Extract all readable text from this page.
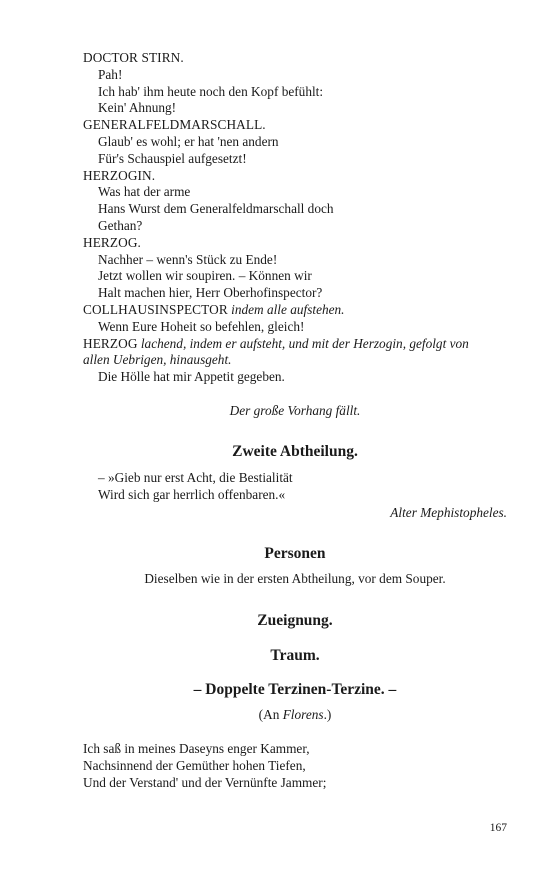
DOCTOR STIRN.
Pah!
Ich hab' ihm heute noch den Kopf befühlt:
Kein' Ahnung!
GENERALFELDMARSCHALL.
Glaub' es wohl; er hat 'nen andern
Für's Schauspiel aufgesetzt!
HERZOGIN.
Was hat der arme
Hans Wurst dem Generalfeldmarschall doch
Gethan?
HERZOG.
Nachher – wenn's Stück zu Ende!
Jetzt wollen wir soupiren. – Können wir
Halt machen hier, Herr Oberhofinspector?
COLLHAUSINSPECTOR indem alle aufstehen.
Wenn Eure Hoheit so befehlen, gleich!
HERZOG lachend, indem er aufsteht, und mit der Herzogin, gefolgt von
allen Uebrigen, hinausgeht.
Die Hölle hat mir Appetit gegeben.
Der große Vorhang fällt.
Zweite Abtheilung.
– »Gieb nur erst Acht, die Bestialität
Wird sich gar herrlich offenbaren.«
Alter Mephistopheles.
Personen
Dieselben wie in der ersten Abtheilung, vor dem Souper.
Zueignung.
Traum.
– Doppelte Terzinen-Terzine. –
(An Florens.)
Ich saß in meines Daseyns enger Kammer,
Nachsinnend der Gemüther hohen Tiefen,
Und der Verstand' und der Vernünfte Jammer;
167
